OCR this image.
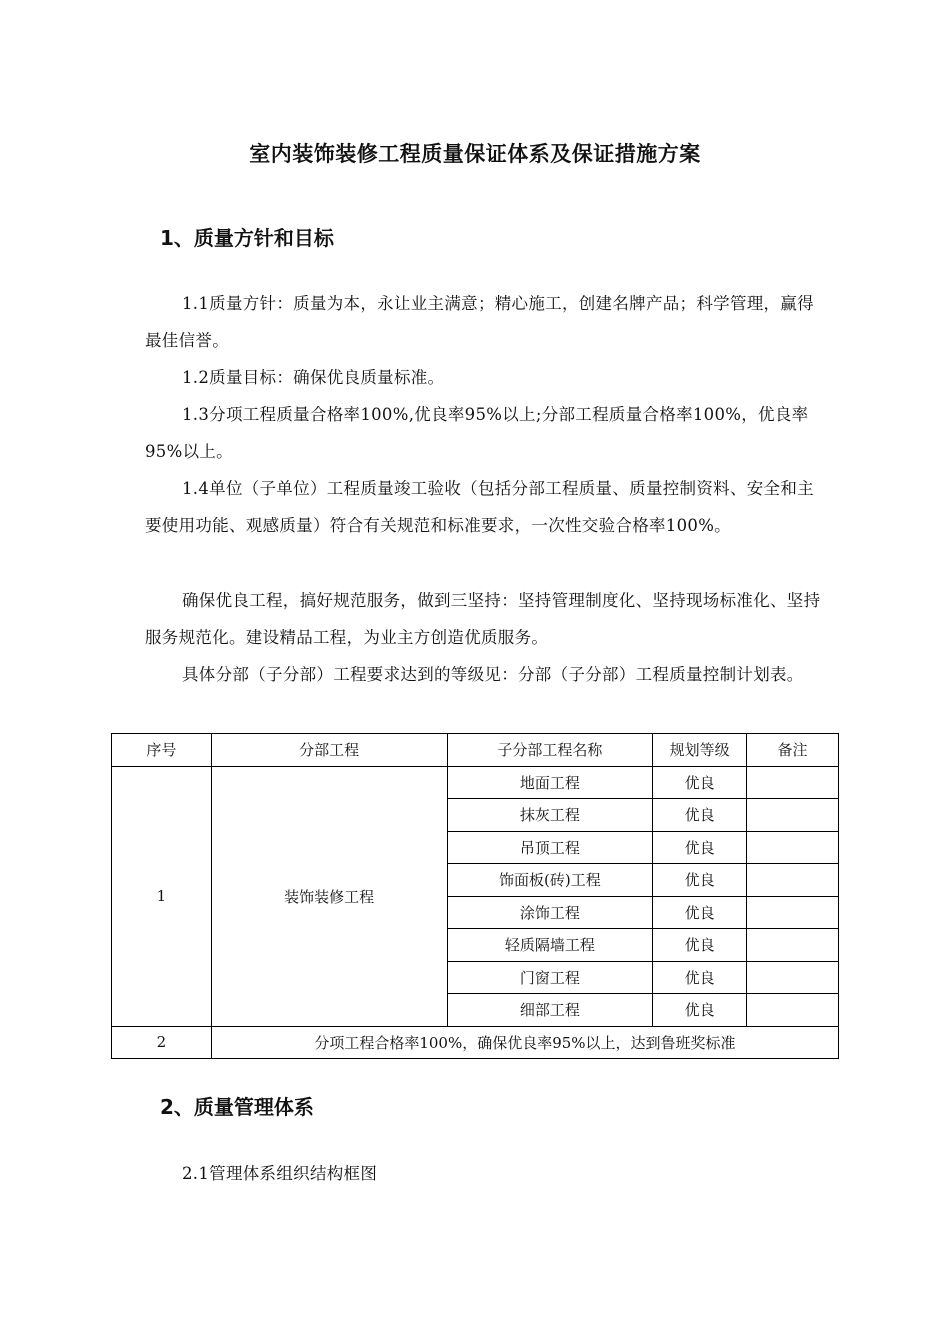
室内装饰装修工程质量保证体系及保证措施方案
1、质量方针和目标

1.1质量方针：质量为本，永让业主满意；精心施工，创建名牌产品；科学管理，赢得最佳信誉。

1.2质量目标：确保优良质量标准。

1.3分项工程质量合格率100%,优良率95%以上;分部工程质量合格率100%，优良率95%以上。

1.4单位（子单位）工程质量竣工验收（包括分部工程质量、质量控制资料、安全和主要使用功能、观感质量）符合有关规范和标准要求，一次性交验合格率100%。

确保优良工程，搞好规范服务，做到三坚持：坚持管理制度化、坚持现场标准化、坚持服务规范化。建设精品工程，为业主方创造优质服务。

具体分部（子分部）工程要求达到的等级见：分部（子分部）工程质量控制计划表。

序号	分部工程	子分部工程名称	规划等级	备注
1	装饰装修工程	地面工程	优良	
		抹灰工程	优良	
		吊顶工程	优良	
		饰面板(砖)工程	优良	
		涂饰工程	优良	
		轻质隔墙工程	优良	
		门窗工程	优良	
		细部工程	优良	
2	分项工程合格率100%，确保优良率95%以上，达到鲁班奖标准			
2、质量管理体系
2.1管理体系组织结构框图
